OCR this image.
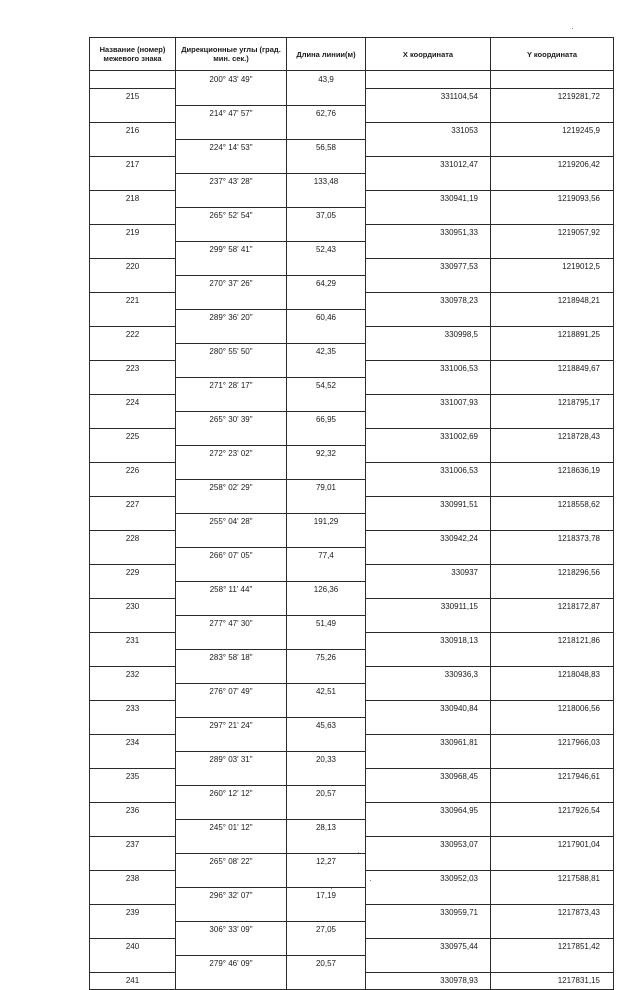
Название (номер) межевого знака	Дирекционные углы (град. мин. сек.)	Длина линии(м)	X координата	Y координата
	200° 43' 49"	43,9		
215			331104,54	1219281,72
	214° 47' 57"	62,76		
216			331053	1219245,9
	224° 14' 53"	56,58		
217			331012,47	1219206,42
	237° 43' 28"	133,48		
218			330941,19	1219093,56
	265° 52' 54"	37,05		
219			330951,33	1219057,92
	299° 58' 41"	52,43		
220			330977,53	1219012,5
	270° 37' 26"	64,29		
221			330978,23	1218948,21
	289° 36' 20"	60,46		
222			330998,5	1218891,25
	280° 55' 50"	42,35		
223			331006,53	1218849,67
	271° 28' 17"	54,52		
224			331007,93	1218795,17
	265° 30' 39"	66,95		
225			331002,69	1218728,43
	272° 23' 02"	92,32		
226			331006,53	1218636,19
	258° 02' 29"	79,01		
227			330991,51	1218558,62
	255° 04' 28"	191,29		
228			330942,24	1218373,78
	266° 07' 05"	77,4		
229			330937	1218296,56
	258° 11' 44"	126,36		
230			330911,15	1218172,87
	277° 47' 30"	51,49		
231			330918,13	1218121,86
	283° 58' 18"	75,26		
232			330936,3	1218048,83
	276° 07' 49"	42,51		
233			330940,84	1218006,56
	297° 21' 24"	45,63		
234			330961,81	1217966,03
	289° 03' 31"	20,33		
235			330968,45	1217946,61
	260° 12' 12"	20,57		
236			330964,95	1217926,54
	245° 01' 12"	28,13		
237			330953,07	1217901,04
	265° 08' 22"	12,27		
238			330952,03	1217588,81
	296° 32' 07"	17,19		
239			330959,71	1217873,43
	306° 33' 09"	27,05		
240			330975,44	1217851,42
	279° 46' 09"	20,57		
241			330978,93	1217831,15
